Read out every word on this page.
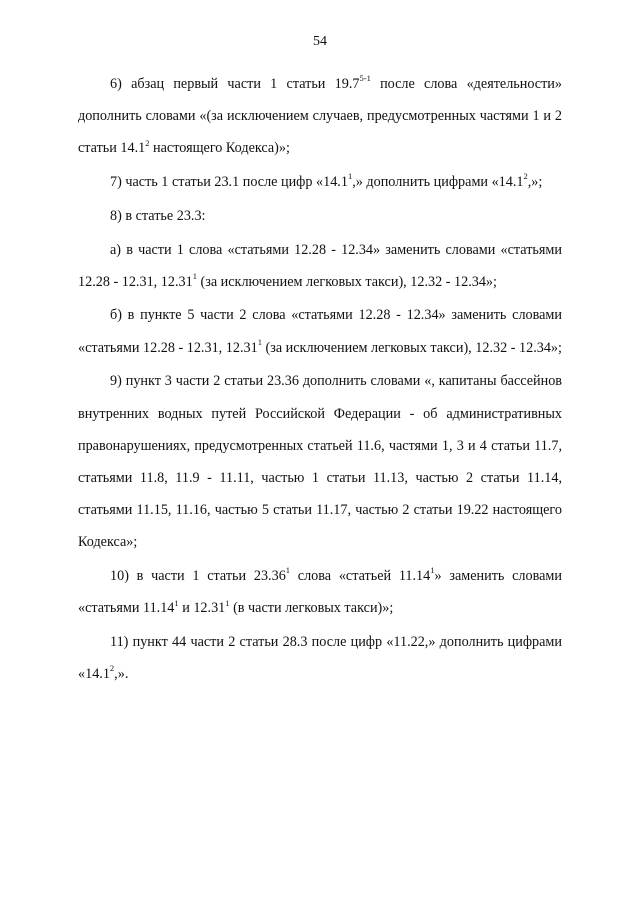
54

6) абзац первый части 1 статьи 19.7$^{5-1}$ после слова «деятельности» дополнить словами «(за исключением случаев, предусмотренных частями 1 и 2 статьи 14.1$^2$ настоящего Кодекса)»;

7) часть 1 статьи 23.1 после цифр «14.1$^1$,» дополнить цифрами «14.1$^2$,»;

8) в статье 23.3:

а) в части 1 слова «статьями 12.28 - 12.34» заменить словами «статьями 12.28 - 12.31, 12.31$^1$ (за исключением легковых такси), 12.32 - 12.34»;

б) в пункте 5 части 2 слова «статьями 12.28 - 12.34» заменить словами «статьями 12.28 - 12.31, 12.31$^1$ (за исключением легковых такси), 12.32 - 12.34»;

9) пункт 3 части 2 статьи 23.36 дополнить словами «, капитаны бассейнов внутренних водных путей Российской Федерации - об административных правонарушениях, предусмотренных статьей 11.6, частями 1, 3 и 4 статьи 11.7, статьями 11.8, 11.9 - 11.11, частью 1 статьи 11.13, частью 2 статьи 11.14, статьями 11.15, 11.16, частью 5 статьи 11.17, частью 2 статьи 19.22 настоящего Кодекса»;

10) в части 1 статьи 23.36$^1$ слова «статьей 11.14$^1$» заменить словами «статьями 11.14$^1$ и 12.31$^1$ (в части легковых такси)»;

11) пункт 44 части 2 статьи 28.3 после цифр «11.22,» дополнить цифрами «14.1$^2$,».
